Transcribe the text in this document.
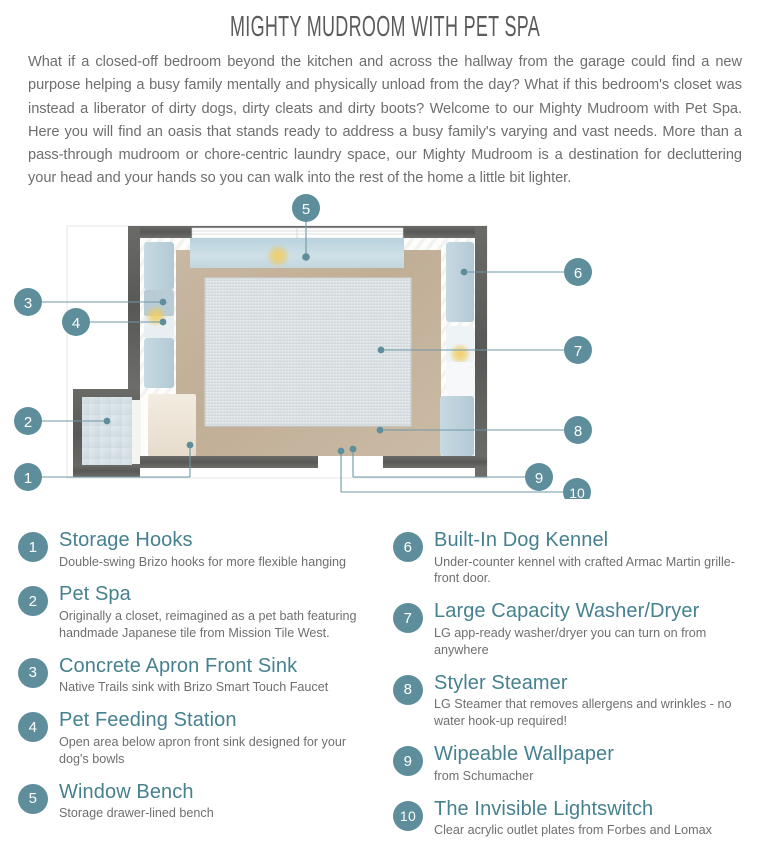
MIGHTY MUDROOM WITH PET SPA

What if a closed-off bedroom beyond the kitchen and across the hallway from the garage could find a new purpose helping a busy family mentally and physically unload from the day? What if this bedroom's closet was instead a liberator of dirty dogs, dirty cleats and dirty boots? Welcome to our Mighty Mudroom with Pet Spa. Here you will find an oasis that stands ready to address a busy family's varying and vast needs. More than a pass-through mudroom or chore-centric laundry space, our Mighty Mudroom is a destination for decluttering your head and your hands so you can walk into the rest of the home a little bit lighter.

5
3
4
2
1
6
7
8
9
10
1	Storage Hooks
Double-swing Brizo hooks for more flexible hanging
2	Pet Spa
Originally a closet, reimagined as a pet bath featuring handmade Japanese tile from Mission Tile West.
3	Concrete Apron Front Sink
Native Trails sink with Brizo Smart Touch Faucet
4	Pet Feeding Station
Open area below apron front sink designed for your dog's bowls
5	Window Bench
Storage drawer-lined bench
6	Built-In Dog Kennel
Under-counter kennel with crafted Armac Martin grille-front door.
7	Large Capacity Washer/Dryer
LG app-ready washer/dryer you can turn on from anywhere
8	Styler Steamer
LG Steamer that removes allergens and wrinkles - no water hook-up required!
9	Wipeable Wallpaper
from Schumacher
10 The Invisible Lightswitch
Clear acrylic outlet plates from Forbes and Lomax
